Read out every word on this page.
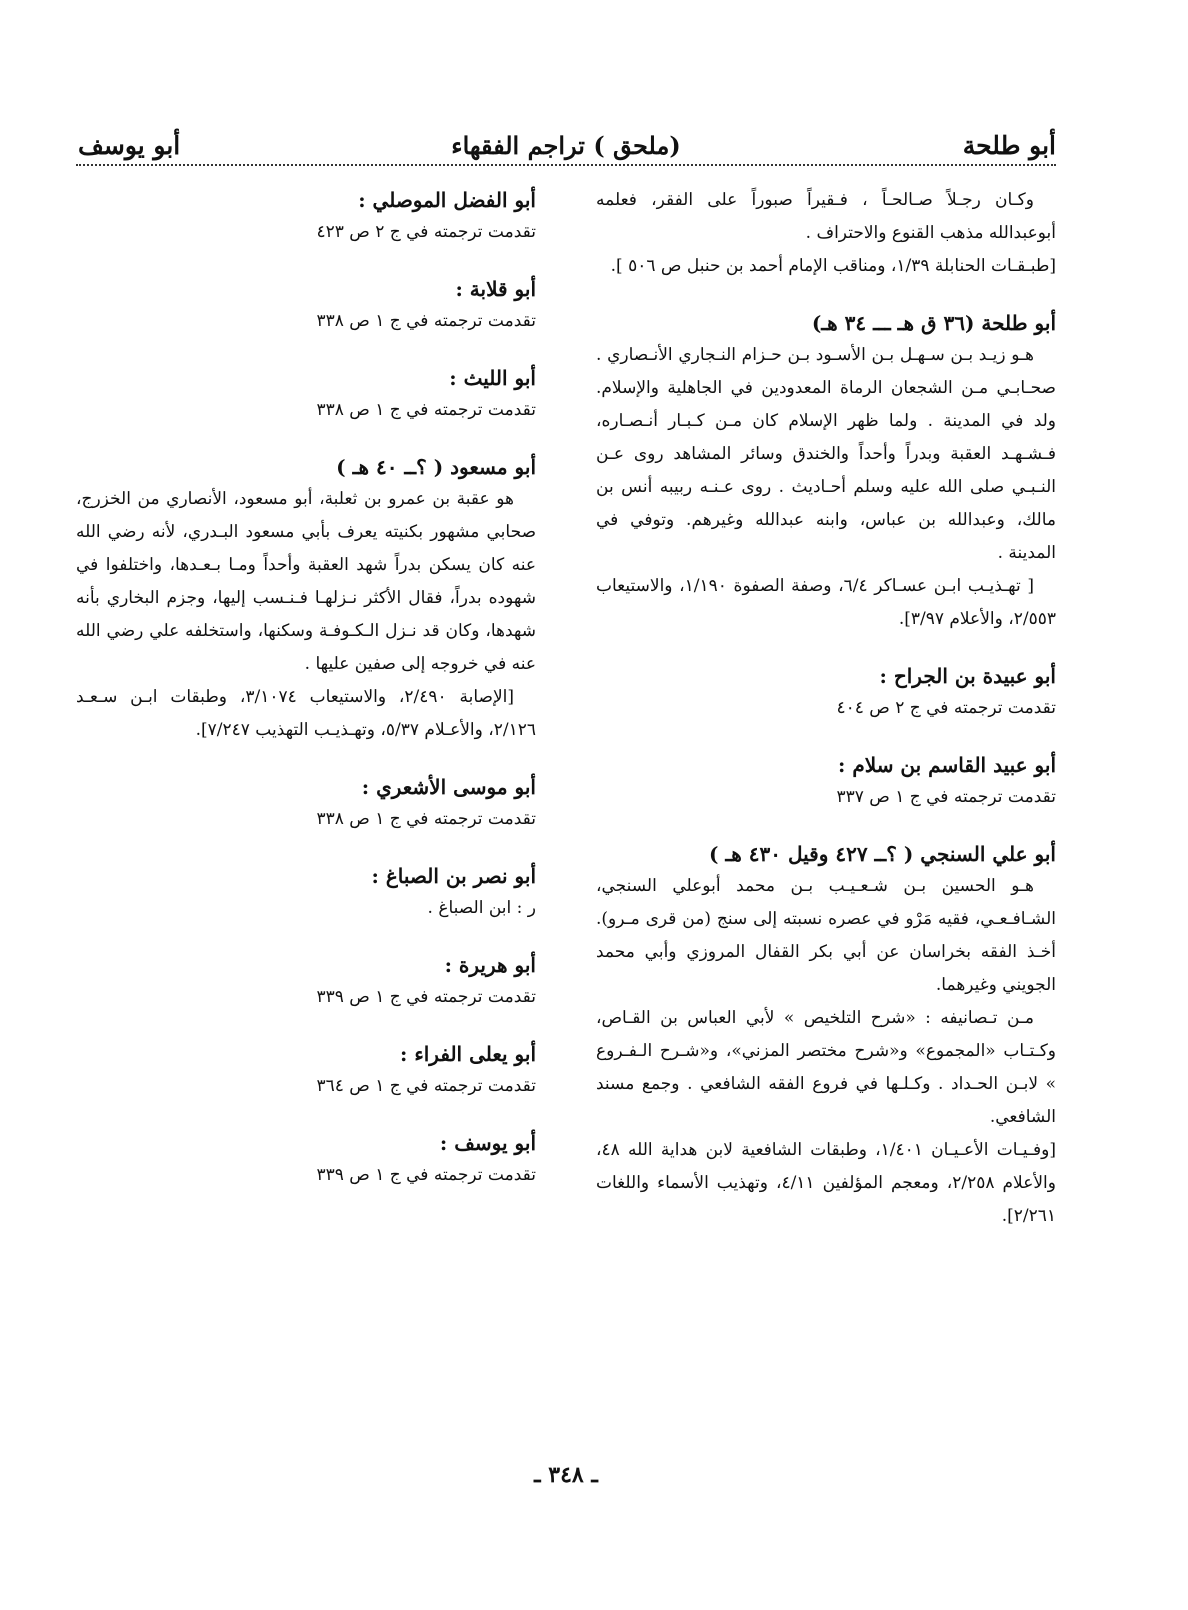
أبو طلحة
(ملحق ) تراجم الفقهاء
أبو يوسف

وكـان رجـلاً صـالحـاً ، فـقيراً صبوراً على الفقر، فعلمه أبوعبدالله مذهب القنوع والاحتراف .

[طبـقـات الحنابلة ١/٣٩، ومناقب الإمام أحمد بن حنبل ص ٥٠٦ ].

أبو طلحة (٣٦ ق هـ ـــ ٣٤ هـ)

هـو زيـد بـن سـهـل بـن الأسـود بـن حـزام النـجاري الأنـصاري . صحـابـي مـن الشجعان الرماة المعدودين في الجاهلية والإسلام. ولد في المدينة . ولما ظهر الإسلام كان مـن كـبـار أنـصـاره، فـشـهـد العقبة وبدراً وأحداً والخندق وسائر المشاهد روى عـن النـبـي صلى الله عليه وسلم أحـاديث . روى عـنـه ربيبه أنس بن مالك، وعبدالله بن عباس، وابنه عبدالله وغيرهم. وتوفي في المدينة .

[ تهـذيـب ابـن عسـاكر ٦/٤، وصفة الصفوة ١/١٩٠، والاستيعاب ٢/٥٥٣، والأعلام ٣/٩٧].

أبو عبيدة بن الجراح :

تقدمت ترجمته في ج ٢ ص ٤٠٤

أبو عبيد القاسم بن سلام :

تقدمت ترجمته في ج ١ ص ٣٣٧

أبو علي السنجي ( ؟ــ ٤٢٧ وقيل ٤٣٠ هـ )

هـو الحسين بـن شـعـيـب بـن محمد أبوعلي السنجي، الشـافـعـي، فقيه مَرْو في عصره نسبته إلى سنج (من قرى مـرو). أخـذ الفقه بخراسان عن أبي بكر القفال المروزي وأبي محمد الجويني وغيرهما.

مـن تـصانيفه : «شرح التلخيص » لأبي العباس بن القـاص، وكـتـاب «المجموع» و«شرح مختصر المزني»، و«شـرح الـفـروع » لابـن الحـداد . وكـلـها في فروع الفقه الشافعي . وجمع مسند الشافعي.

[وفـيـات الأعـيـان ١/٤٠١، وطبقات الشافعية لابن هداية الله ٤٨، والأعلام ٢/٢٥٨، ومعجم المؤلفين ٤/١١، وتهذيب الأسماء واللغات ٢/٢٦١].

أبو الفضل الموصلي :

تقدمت ترجمته في ج ٢ ص ٤٢٣

أبو قلابة :

تقدمت ترجمته في ج ١ ص ٣٣٨

أبو الليث :

تقدمت ترجمته في ج ١ ص ٣٣٨

أبو مسعود ( ؟ــ ٤٠ هـ )

هو عقبة بن عمرو بن ثعلبة، أبو مسعود، الأنصاري من الخزرج، صحابي مشهور بكنيته يعرف بأبي مسعود البـدري، لأنه رضي الله عنه كان يسكن بدراً شهد العقبة وأحداً ومـا بـعـدها، واختلفوا في شهوده بدراً، فقال الأكثر نـزلهـا فـنـسب إليها، وجزم البخاري بأنه شهدها، وكان قد نـزل الـكـوفـة وسكنها، واستخلفه علي رضي الله عنه في خروجه إلى صفين عليها .

[الإصابة ٢/٤٩٠، والاستيعاب ٣/١٠٧٤، وطبقات ابـن سـعـد ٢/١٢٦، والأعـلام ٥/٣٧، وتهـذيـب التهذيب ٧/٢٤٧].

أبو موسى الأشعري :

تقدمت ترجمته في ج ١ ص ٣٣٨

أبو نصر بن الصباغ :

ر : ابن الصباغ .

أبو هريرة :

تقدمت ترجمته في ج ١ ص ٣٣٩

أبو يعلى الفراء :

تقدمت ترجمته في ج ١ ص ٣٦٤

أبو يوسف :

تقدمت ترجمته في ج ١ ص ٣٣٩

ـ ٣٤٨ ـ
